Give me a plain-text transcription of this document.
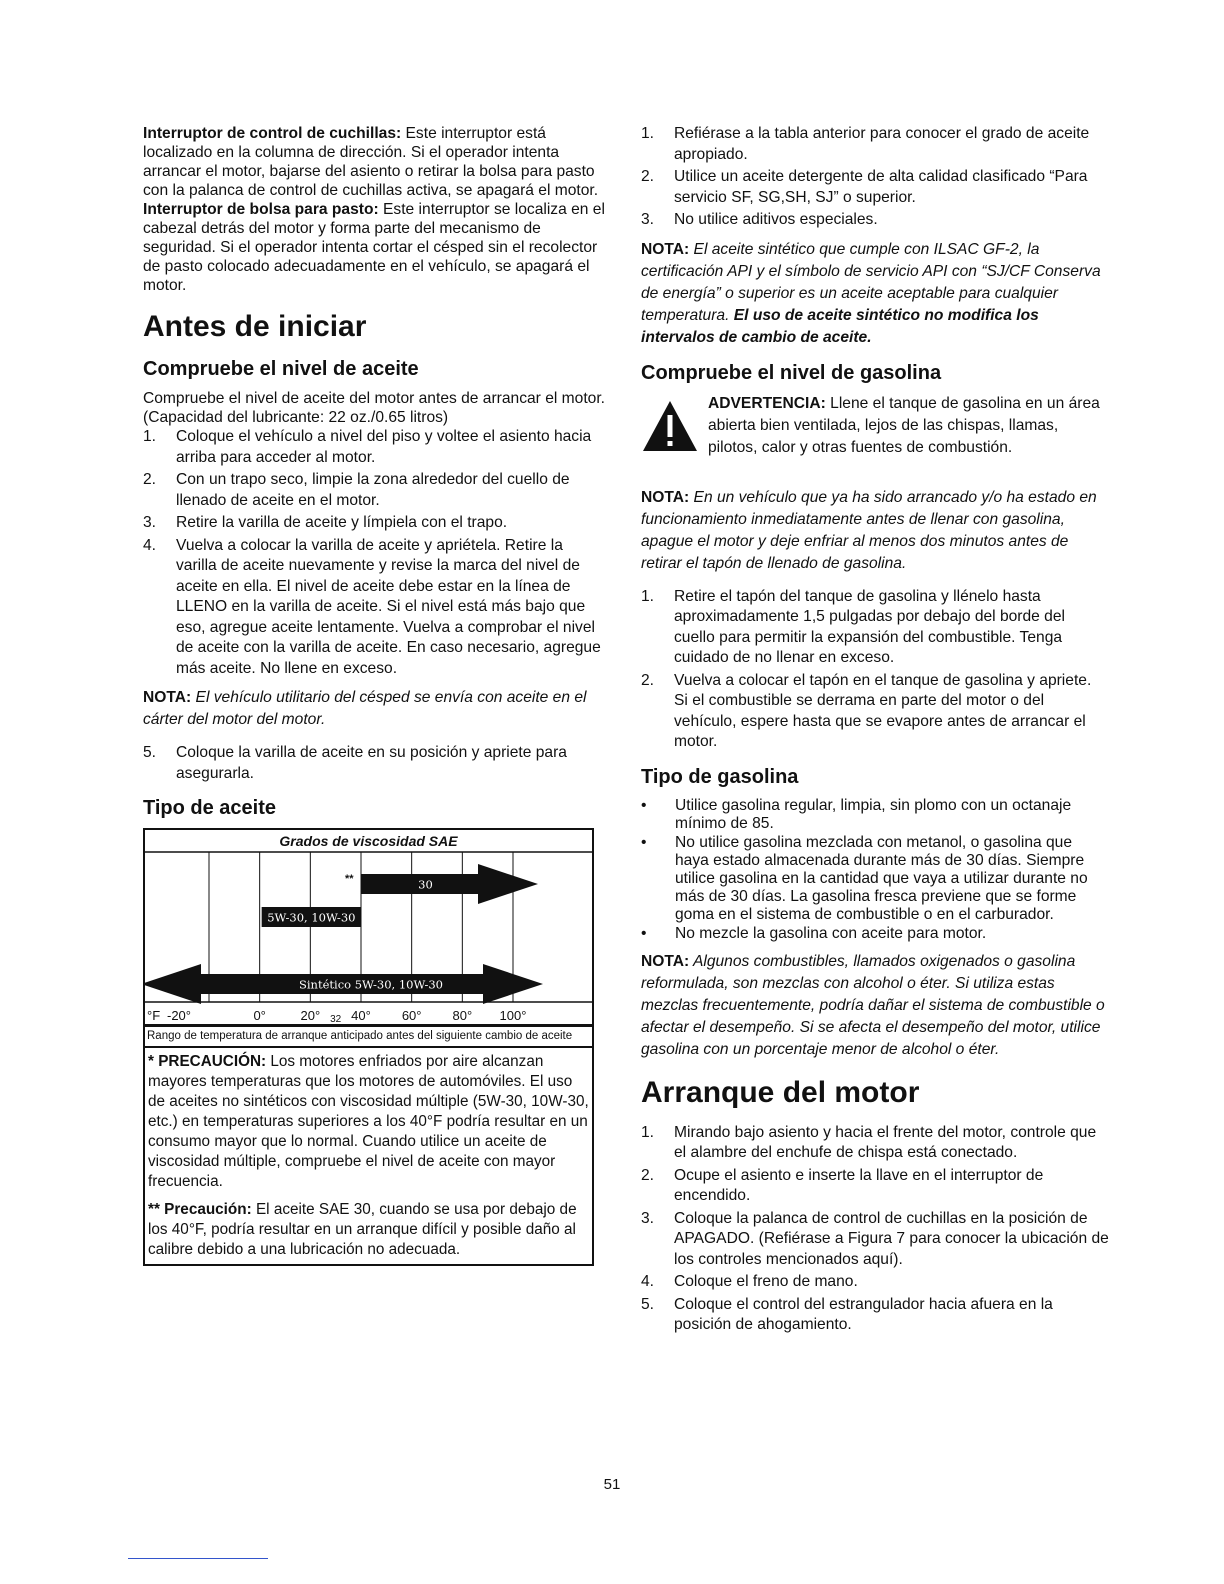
Interruptor de control de cuchillas: Este interruptor está localizado en la columna de dirección. Si el operador intenta arrancar el motor, bajarse del asiento o retirar la bolsa para pasto con la palanca de control de cuchillas activa, se apagará el motor.

Interruptor de bolsa para pasto: Este interruptor se localiza en el cabezal detrás del motor y forma parte del mecanismo de seguridad. Si el operador intenta cortar el césped sin el recolector de pasto colocado adecuadamente en el vehículo, se apagará el motor.

Antes de iniciar
Compruebe el nivel de aceite

Compruebe el nivel de aceite del motor antes de arrancar el motor. (Capacidad del lubricante: 22 oz./0.65 litros)

1. Coloque el vehículo a nivel del piso y voltee el asiento hacia arriba para acceder al motor.
2. Con un trapo seco, limpie la zona alrededor del cuello de llenado de aceite en el motor.
3. Retire la varilla de aceite y límpiela con el trapo.
4. Vuelva a colocar la varilla de aceite y apriétela. Retire la varilla de aceite nuevamente y revise la marca del nivel de aceite en ella. El nivel de aceite debe estar en la línea de LLENO en la varilla de aceite. Si el nivel está más bajo que eso, agregue aceite lentamente. Vuelva a comprobar el nivel de aceite con la varilla de aceite. En caso necesario, agregue más aceite. No llene en exceso.

NOTA: El vehículo utilitario del césped se envía con aceite en el cárter del motor del motor.

5. Coloque la varilla de aceite en su posición y apriete para asegurarla.
Tipo de aceite
Grados de viscosidad SAE
30
**
5W-30, 10W-30
Sintético 5W-30, 10W-30
°F -20°	0°	20° 32 40° 60° 80° 100°
Rango de temperatura de arranque anticipado antes del siguiente cambio de aceite
* PRECAUCIÓN: Los motores enfriados por aire alcanzan mayores temperaturas que los motores de automóviles. El uso de aceites no sintéticos con viscosidad múltiple (5W-30, 10W-30, etc.) en temperaturas superiores a los 40°F podría resultar en un consumo mayor que lo normal. Cuando utilice un aceite de viscosidad múltiple, compruebe el nivel de aceite con mayor frecuencia.
** Precaución: El aceite SAE 30, cuando se usa por debajo de los 40°F, podría resultar en un arranque difícil y posible daño al calibre debido a una lubricación no adecuada.
1. Refiérase a la tabla anterior para conocer el grado de aceite apropiado.
2. Utilice un aceite detergente de alta calidad clasificado “Para servicio SF, SG,SH, SJ” o superior.
3. No utilice aditivos especiales.

NOTA: El aceite sintético que cumple con ILSAC GF-2, la certificación API y el símbolo de servicio API con “SJ/CF Conserva de energía” o superior es un aceite aceptable para cualquier temperatura. El uso de aceite sintético no modifica los intervalos de cambio de aceite.

Compruebe el nivel de gasolina

ADVERTENCIA: Llene el tanque de gasolina en un área abierta bien ventilada, lejos de las chispas, llamas, pilotos, calor y otras fuentes de combustión.

NOTA: En un vehículo que ya ha sido arrancado y/o ha estado en funcionamiento inmediatamente antes de llenar con gasolina, apague el motor y deje enfriar al menos dos minutos antes de retirar el tapón de llenado de gasolina.

1. Retire el tapón del tanque de gasolina y llénelo hasta aproximadamente 1,5 pulgadas por debajo del borde del cuello para permitir la expansión del combustible. Tenga cuidado de no llenar en exceso.
2. Vuelva a colocar el tapón en el tanque de gasolina y apriete. Si el combustible se derrama en parte del motor o del vehículo, espere hasta que se evapore antes de arrancar el motor.
Tipo de gasolina
• Utilice gasolina regular, limpia, sin plomo con un octanaje mínimo de 85.
• No utilice gasolina mezclada con metanol, o gasolina que haya estado almacenada durante más de 30 días. Siempre utilice gasolina en la cantidad que vaya a utilizar durante no más de 30 días. La gasolina fresca previene que se forme goma en el sistema de combustible o en el carburador.
• No mezcle la gasolina con aceite para motor.

NOTA: Algunos combustibles, llamados oxigenados o gasolina reformulada, son mezclas con alcohol o éter. Si utiliza estas mezclas frecuentemente, podría dañar el sistema de combustible o afectar el desempeño. Si se afecta el desempeño del motor, utilice gasolina con un porcentaje menor de alcohol o éter.

Arranque del motor
1. Mirando bajo asiento y hacia el frente del motor, controle que el alambre del enchufe de chispa está conectado.
2. Ocupe el asiento e inserte la llave en el interruptor de encendido.
3. Coloque la palanca de control de cuchillas en la posición de APAGADO. (Refiérase a Figura 7 para conocer la ubicación de los controles mencionados aquí).
4. Coloque el freno de mano.
5. Coloque el control del estrangulador hacia afuera en la posición de ahogamiento.
51
